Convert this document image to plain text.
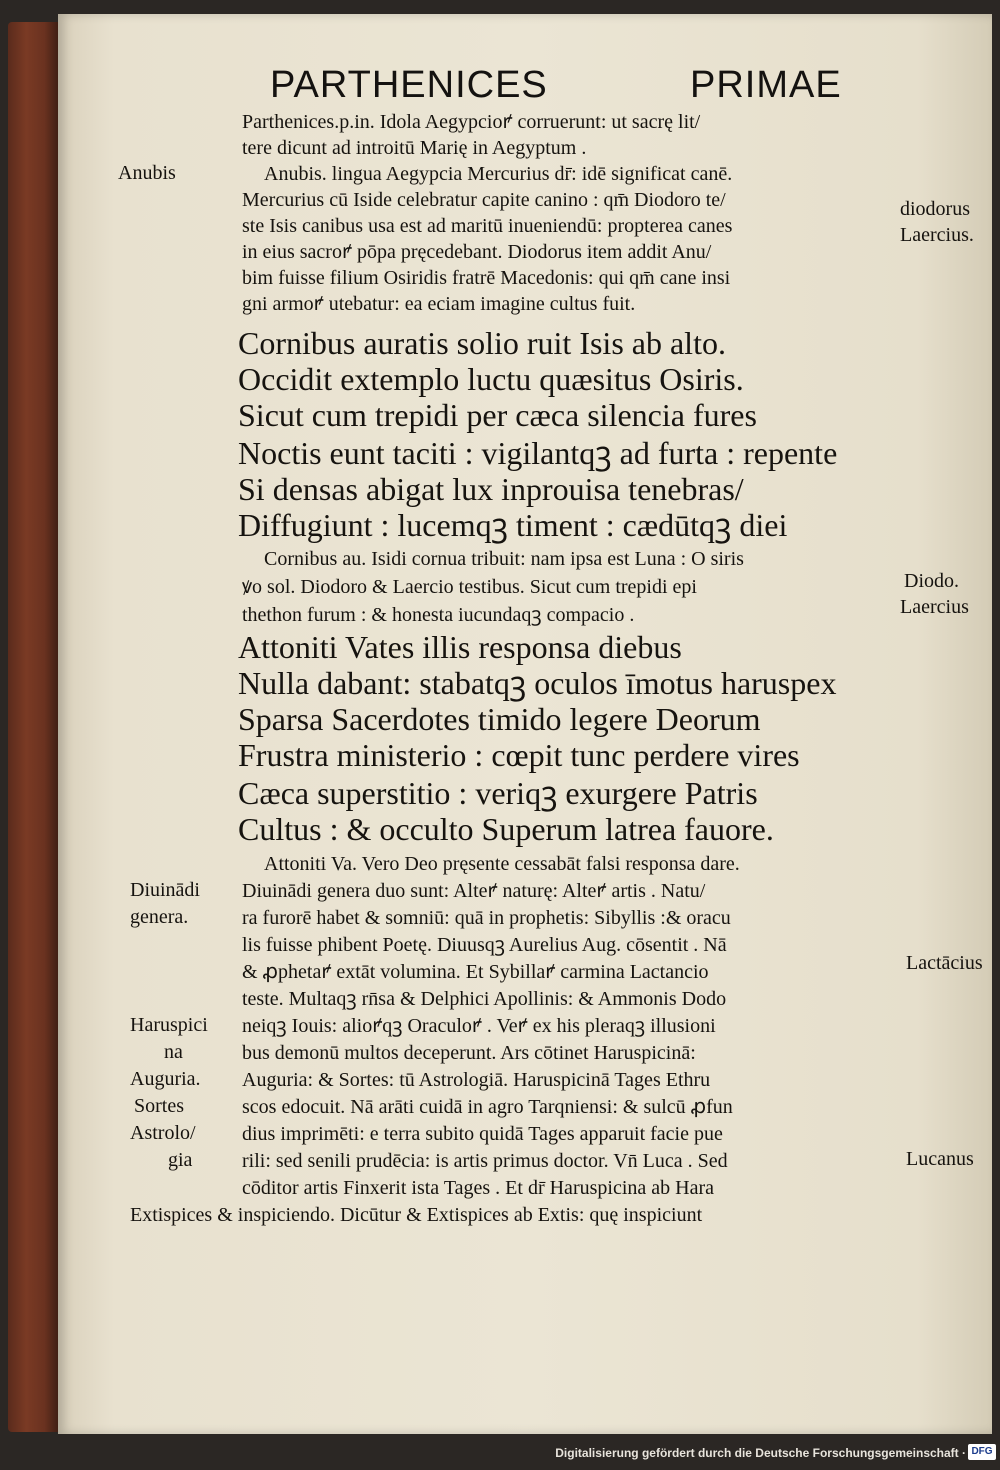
PARTHENICES	PRIMAE
Parthenices.p.in. Idola Aegypcioꝵ corruerunt: ut sacrę lit/
tere dicunt ad introitū Marię in Aegyptum .
Anubis. lingua Aegypcia Mercurius dr̄: idē significat canē.
Mercurius cū Iside celebratur capite canino : qm̄ Diodoro te/
ste Isis canibus usa est ad maritū inueniendū: propterea canes
in eius sacroꝵ pōpa pręcedebant. Diodorus item addit Anu/
bim fuisse filium Osiridis fratrē Macedonis: qui qm̄ cane insi
gni armoꝵ utebatur: ea eciam imagine cultus fuit.
Cornibus auratis solio ruit Isis ab alto.
Occidit extemplo luctu quæsitus Osiris.
Sicut cum trepidi per cæca silencia fures
Noctis eunt taciti : vigilantqꝫ ad furta : repente
Si densas abigat lux inprouisa tenebras/
Diffugiunt : lucemqꝫ timent : cædūtqꝫ diei
Cornibus au. Isidi cornua tribuit: nam ipsa est Luna : O siris
ꝟo sol. Diodoro & Laercio testibus. Sicut cum trepidi epi
thethon furum : & honesta iucundaqꝫ compacio .
Attoniti Vates illis responsa diebus
Nulla dabant: stabatqꝫ oculos īmotus haruspex
Sparsa Sacerdotes timido legere Deorum
Frustra ministerio : cœpit tunc perdere vires
Cæca superstitio : veriqꝫ exurgere Patris
Cultus : & occulto Superum latrea fauore.
Attoniti Va. Vero Deo pręsente cessabāt falsi responsa dare.
Diuinādi genera duo sunt: Alteꝵ naturę: Alteꝵ artis . Natu/
ra furorē habet & somniū: quā in prophetis: Sibyllis :& oracu
lis fuisse phibent Poetę. Diuusqꝫ Aurelius Aug. cōsentit . Nā
& ꝓphetaꝵ extāt volumina. Et Sybillaꝵ carmina Lactancio
teste. Multaqꝫ rn̄sa & Delphici Apollinis: & Ammonis Dodo
neiqꝫ Iouis: alioꝵqꝫ Oraculoꝵ . Veꝵ ex his pleraqꝫ illusioni
bus demonū multos deceperunt. Ars cōtinet Haruspicinā:
Auguria: & Sortes: tū Astrologiā. Haruspicinā Tages Ethru
scos edocuit. Nā arāti cuidā in agro Tarqniensi: & sulcū ꝓfun
dius imprimēti: e terra subito quidā Tages apparuit facie pue
rili: sed senili prudēcia: is artis primus doctor. Vn̄ Luca . Sed
cōditor artis Finxerit ista Tages . Et dr̄ Haruspicina ab Hara
Extispices & inspiciendo. Dicūtur & Extispices ab Extis: quę inspiciunt
Anubis
Diuinādi
genera.
Haruspici
na
Auguria.
Sortes
Astrolo/
gia
diodorus
Laercius.
Diodo.
Laercius
Lactācius
Lucanus
Digitalisierung gefördert durch die Deutsche Forschungsgemeinschaft · DFG
